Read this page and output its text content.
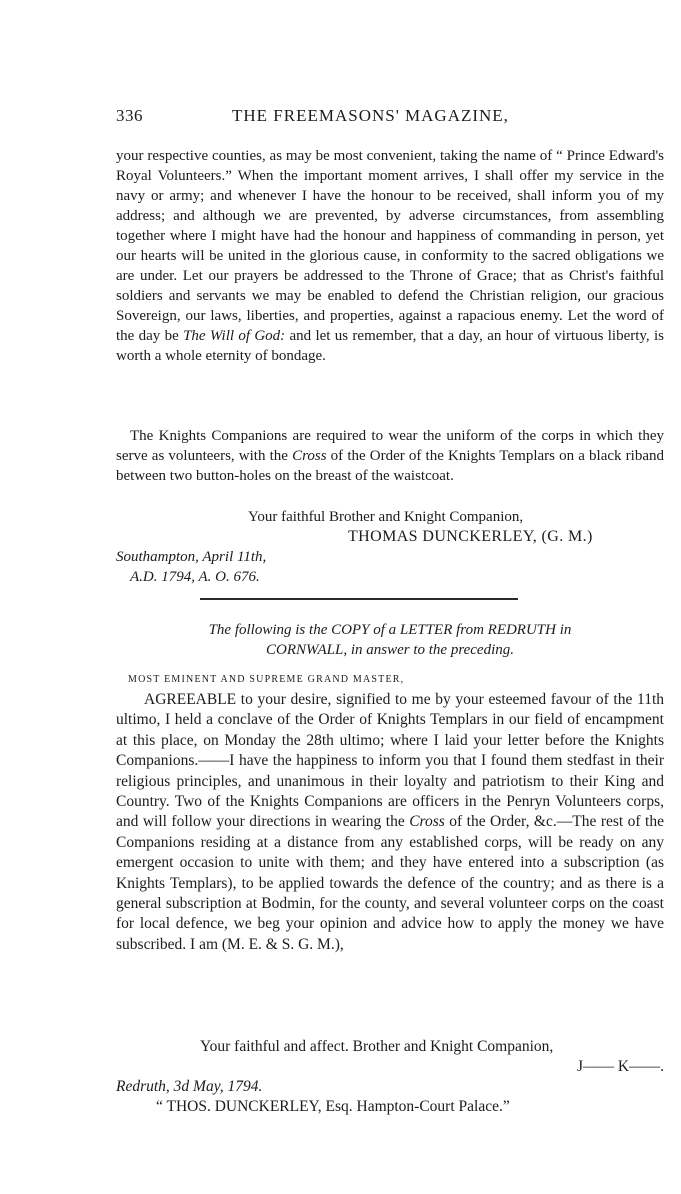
336	THE FREEMASONS' MAGAZINE,
your respective counties, as may be most convenient, taking the name of “ Prince Edward's Royal Volunteers.” When the important moment arrives, I shall offer my service in the navy or army; and whenever I have the honour to be received, shall inform you of my address; and although we are prevented, by adverse circumstances, from assembling together where I might have had the honour and happiness of commanding in person, yet our hearts will be united in the glorious cause, in conformity to the sacred obligations we are under. Let our prayers be addressed to the Throne of Grace; that as Christ's faithful soldiers and servants we may be enabled to defend the Christian religion, our gracious Sovereign, our laws, liberties, and properties, against a rapacious enemy. Let the word of the day be The Will of God: and let us remember, that a day, an hour of virtuous liberty, is worth a whole eternity of bondage.
The Knights Companions are required to wear the uniform of the corps in which they serve as volunteers, with the Cross of the Order of the Knights Templars on a black riband between two button-holes on the breast of the waistcoat.
Your faithful Brother and Knight Companion,
THOMAS DUNCKERLEY, (G. M.)
Southampton, April 11th,
A.D. 1794, A. O. 676.
The following is the COPY of a LETTER from REDRUTH in
CORNWALL, in answer to the preceding.
MOST EMINENT AND SUPREME GRAND MASTER,
AGREEABLE to your desire, signified to me by your esteemed favour of the 11th ultimo, I held a conclave of the Order of Knights Templars in our field of encampment at this place, on Monday the 28th ultimo; where I laid your letter before the Knights Companions.——I have the happiness to inform you that I found them stedfast in their religious principles, and unanimous in their loyalty and patriotism to their King and Country. Two of the Knights Companions are officers in the Penryn Volunteers corps, and will follow your directions in wearing the Cross of the Order, &c.—The rest of the Companions residing at a distance from any established corps, will be ready on any emergent occasion to unite with them; and they have entered into a subscription (as Knights Templars), to be applied towards the defence of the country; and as there is a general subscription at Bodmin, for the county, and several volunteer corps on the coast for local defence, we beg your opinion and advice how to apply the money we have subscribed. I am (M. E. & S. G. M.),
Your faithful and affect. Brother and Knight Companion,
J—— K——.
Redruth, 3d May, 1794.
“ THOS. DUNCKERLEY, Esq. Hampton-Court Palace.”
